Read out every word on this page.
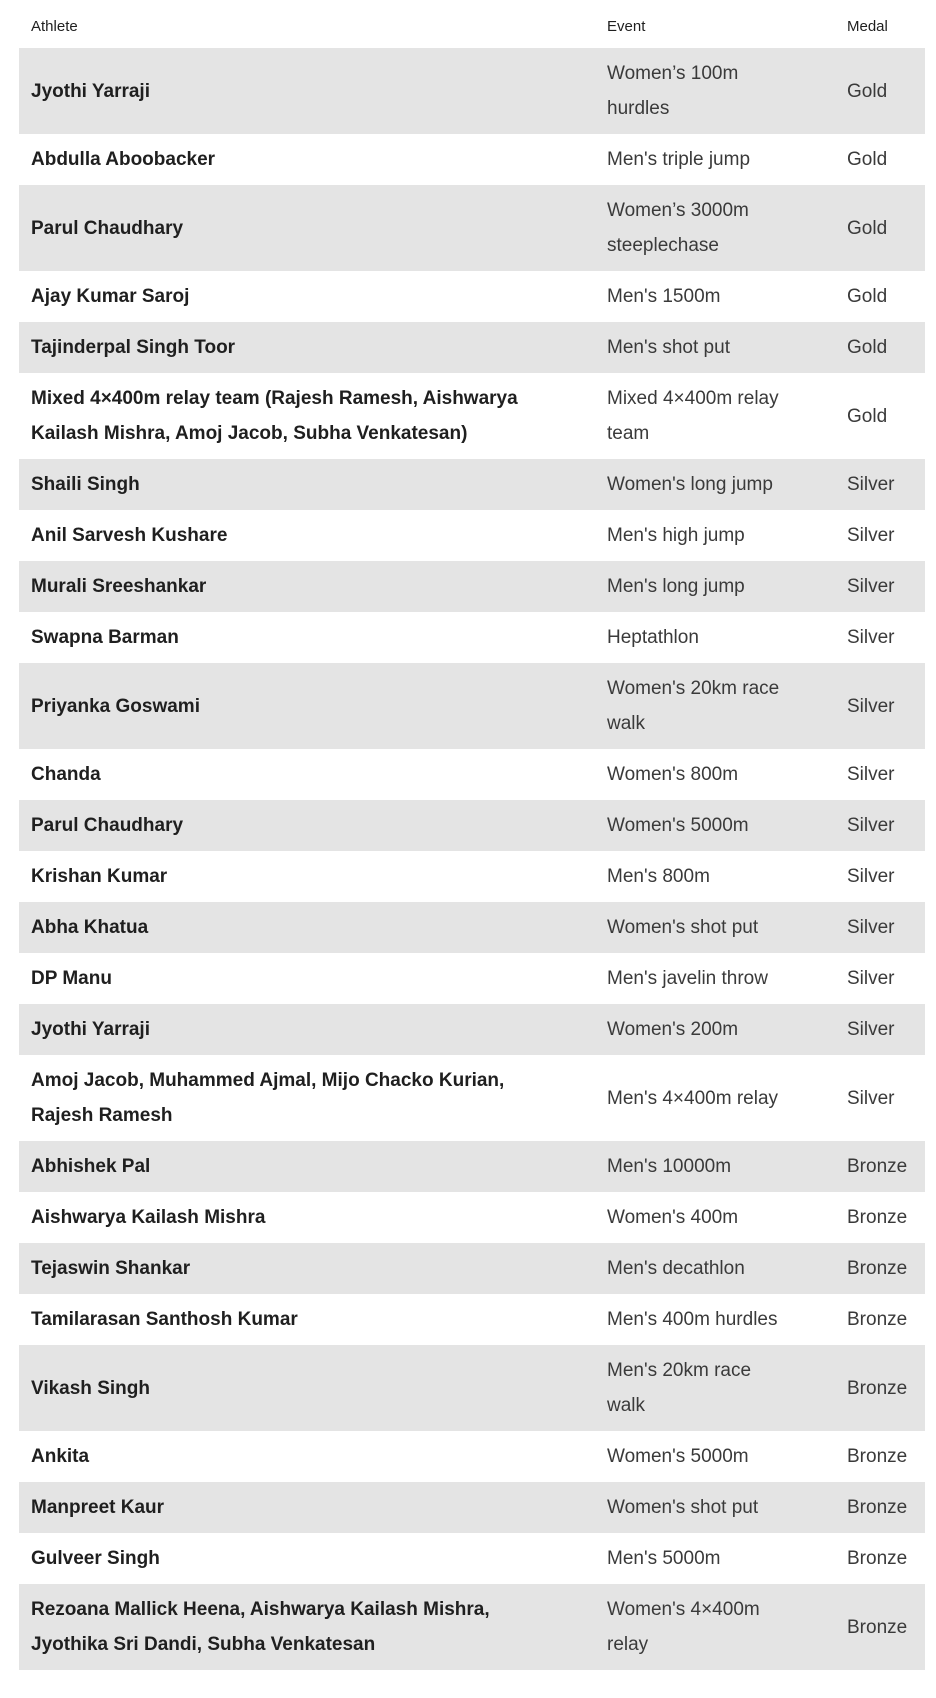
Athlete	Event	Medal
Jyothi Yarraji	Women’s 100m hurdles	Gold
Abdulla Aboobacker	Men's triple jump	Gold
Parul Chaudhary	Women’s 3000m steeplechase	Gold
Ajay Kumar Saroj	Men's 1500m	Gold
Tajinderpal Singh Toor	Men's shot put	Gold
Mixed 4×400m relay team (Rajesh Ramesh, Aishwarya Kailash Mishra, Amoj Jacob, Subha Venkatesan)	Mixed 4×400m relay team	Gold
Shaili Singh	Women's long jump	Silver
Anil Sarvesh Kushare	Men's high jump	Silver
Murali Sreeshankar	Men's long jump	Silver
Swapna Barman	Heptathlon	Silver
Priyanka Goswami	Women's 20km race walk	Silver
Chanda	Women's 800m	Silver
Parul Chaudhary	Women's 5000m	Silver
Krishan Kumar	Men's 800m	Silver
Abha Khatua	Women's shot put	Silver
DP Manu	Men's javelin throw	Silver
Jyothi Yarraji	Women's 200m	Silver
Amoj Jacob, Muhammed Ajmal, Mijo Chacko Kurian, Rajesh Ramesh	Men's 4×400m relay	Silver
Abhishek Pal	Men's 10000m	Bronze
Aishwarya Kailash Mishra	Women's 400m	Bronze
Tejaswin Shankar	Men's decathlon	Bronze
Tamilarasan Santhosh Kumar	Men's 400m hurdles	Bronze
Vikash Singh	Men's 20km race walk	Bronze
Ankita	Women's 5000m	Bronze
Manpreet Kaur	Women's shot put	Bronze
Gulveer Singh	Men's 5000m	Bronze
Rezoana Mallick Heena, Aishwarya Kailash Mishra, Jyothika Sri Dandi, Subha Venkatesan	Women's 4×400m relay	Bronze
